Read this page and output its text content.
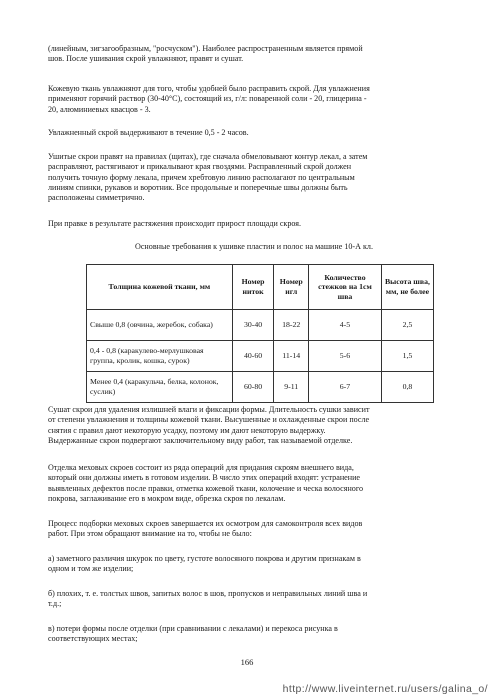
(линейным, зигзагообразным, "росчуском"). Наиболее распространенным является прямой
шов. После ушивания скрой увлажняют, правят и сушат.

Кожевую ткань увлажняют для того, чтобы удобней было расправить скрой. Для увлажнения
применяют горячий раствор (30-40°С), состоящий из, г/л: поваренной соли - 20, глицерина -
20, алюминиевых квасцов - 3.

Увлажненный скрой выдерживают в течение 0,5 - 2 часов.

Ушитые скрои правят на правилах (щитах), где сначала обмеловывают контур лекал, а затем
расправляют, растягивают и прикалывают края гвоздями. Расправленный скрой должен
получить точную форму лекала, причем хребтовую линию располагают по центральным
линиям спинки, рукавов и воротник. Все продольные и поперечные швы должны быть
расположены симметрично.

При правке в результате растяжения происходит прирост площади скроя.

Основные требования к ушивке пластин и полос на машине 10-А кл.
Толщина кожевой ткани, мм	Номер ниток	Номер игл	Количество стежков на 1см шва	Высота шва, мм, не более
Свыше 0,8 (овчина, жеребок, собака)	30-40	18-22	4-5	2,5
0,4 - 0,8 (каракулево-мерлушковая группа, кролик, кошка, сурок)	40-60	11-14	5-6	1,5
Менее 0,4 (каракульча, белка, колонок, суслик)	60-80	9-11	6-7	0,8

Сушат скрои для удаления излишней влаги и фиксации формы. Длительность сушки зависит
от степени увлажнения и толщины кожевой ткани. Высушенные и охлажденные скрои после
снятия с правил дают некоторую усадку, поэтому им дают некоторую выдержку.
Выдержанные скрои подвергают заключительному виду работ, так называемой отделке.

Отделка меховых скроев состоит из ряда операций для придания скроям внешнего вида,
который они должны иметь в готовом изделии. В число этих операций входят: устранение
выявленных дефектов после правки, отметка кожевой ткани, колочение и ческа волосяного
покрова, заглаживание его в мокром виде, обрезка скроя по лекалам.

Процесс подборки меховых скроев завершается их осмотром для самоконтроля всех видов
работ. При этом обращают внимание на то, чтобы не было:

а) заметного различия шкурок по цвету, густоте волосяного покрова и другим признакам в
одном и том же изделии;

б) плохих, т. е. толстых швов, запитых волос в шов, пропусков и неправильных линий шва и
т.д.;

в) потери формы после отделки (при сравнивании с лекалами) и перекоса рисунка в
соответствующих местах;

166
http://www.liveinternet.ru/users/galina_o/
